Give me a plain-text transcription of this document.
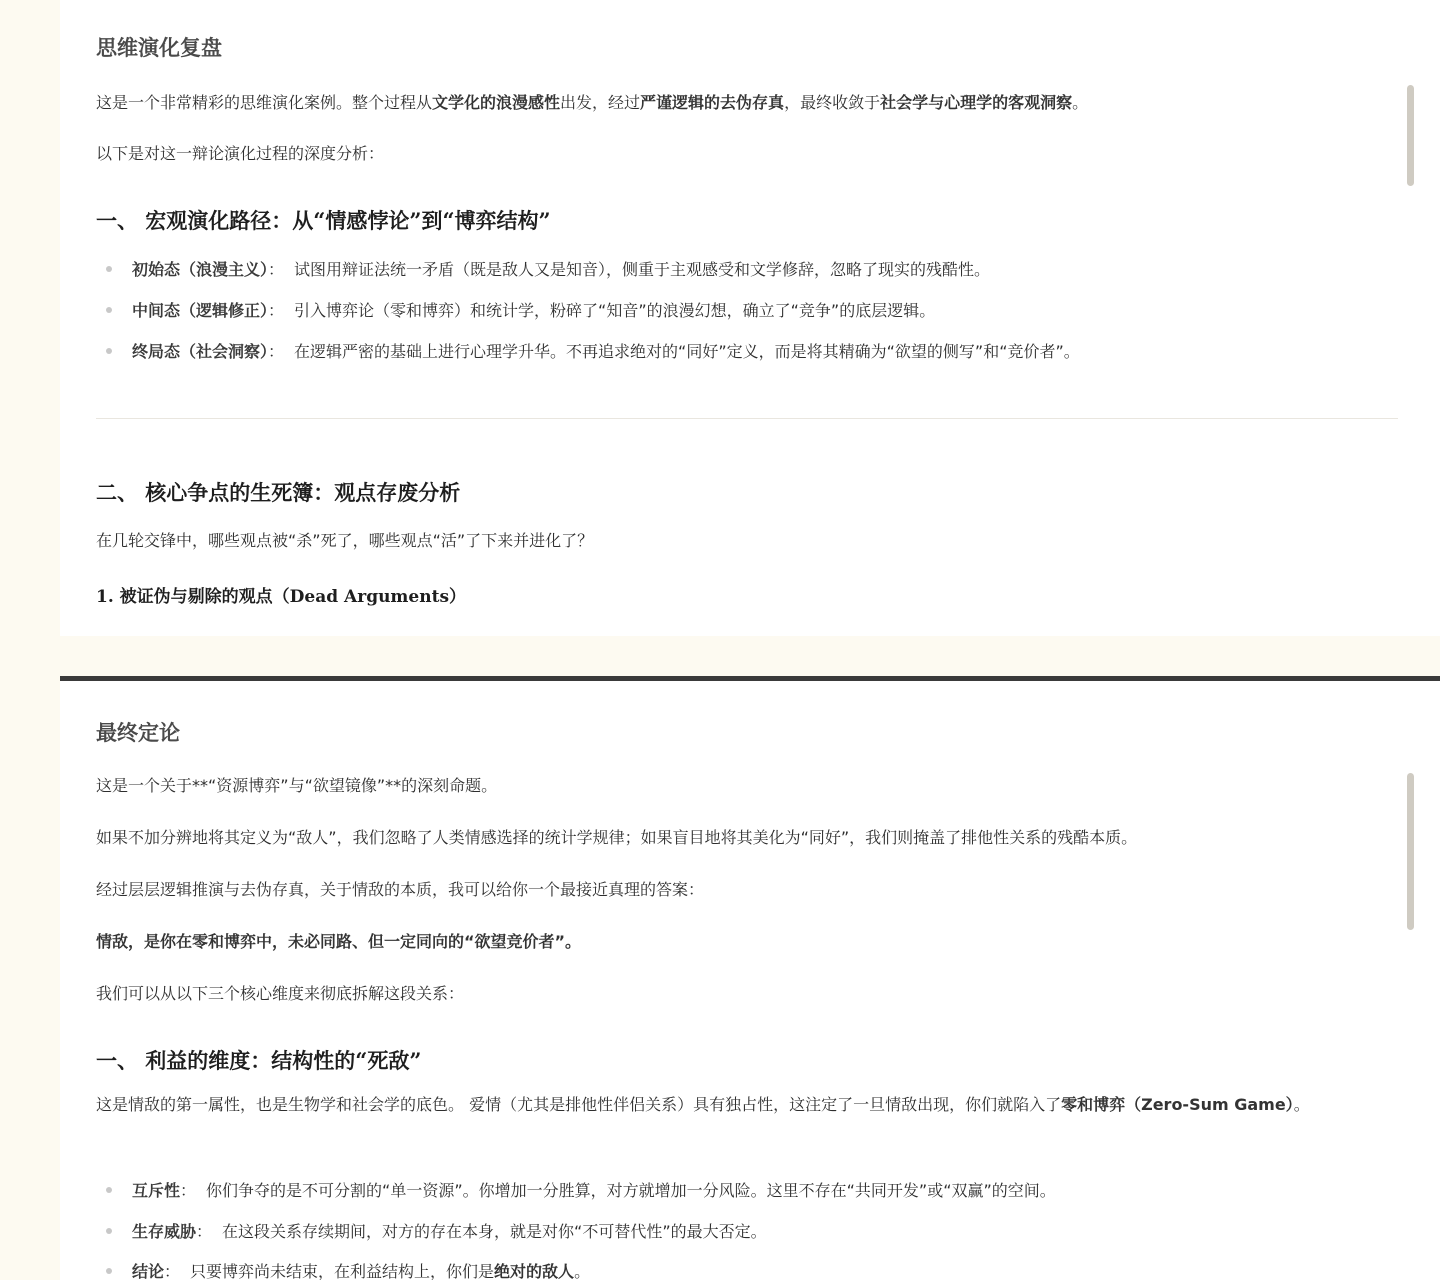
思维演化复盘
这是一个非常精彩的思维演化案例。整个过程从文学化的浪漫感性出发，经过严谨逻辑的去伪存真，最终收敛于社会学与心理学的客观洞察。
以下是对这一辩论演化过程的深度分析：
一、 宏观演化路径：从“情感悖论”到“博弈结构”
初始态（浪漫主义）： 试图用辩证法统一矛盾（既是敌人又是知音），侧重于主观感受和文学修辞，忽略了现实的残酷性。
中间态（逻辑修正）： 引入博弈论（零和博弈）和统计学，粉碎了“知音”的浪漫幻想，确立了“竞争”的底层逻辑。
终局态（社会洞察）： 在逻辑严密的基础上进行心理学升华。不再追求绝对的“同好”定义，而是将其精确为“欲望的侧写”和“竞价者”。
二、 核心争点的生死簿：观点存废分析
在几轮交锋中，哪些观点被“杀”死了，哪些观点“活”了下来并进化了？
1. 被证伪与剔除的观点（Dead Arguments）
最终定论
这是一个关于**“资源博弈”与“欲望镜像”**的深刻命题。
如果不加分辨地将其定义为“敌人”，我们忽略了人类情感选择的统计学规律；如果盲目地将其美化为“同好”，我们则掩盖了排他性关系的残酷本质。
经过层层逻辑推演与去伪存真，关于情敌的本质，我可以给你一个最接近真理的答案：
情敌，是你在零和博弈中，未必同路、但一定同向的“欲望竞价者”。
我们可以从以下三个核心维度来彻底拆解这段关系：
一、 利益的维度：结构性的“死敌”
这是情敌的第一属性，也是生物学和社会学的底色。 爱情（尤其是排他性伴侣关系）具有独占性，这注定了一旦情敌出现，你们就陷入了零和博弈（Zero-Sum Game）。
互斥性： 你们争夺的是不可分割的“单一资源”。你增加一分胜算，对方就增加一分风险。这里不存在“共同开发”或“双赢”的空间。
生存威胁： 在这段关系存续期间，对方的存在本身，就是对你“不可替代性”的最大否定。
结论： 只要博弈尚未结束，在利益结构上，你们是绝对的敌人。
